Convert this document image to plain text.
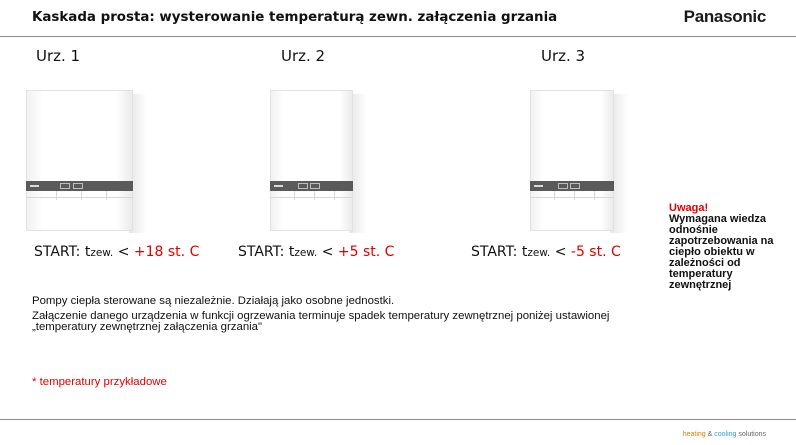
Kaskada prosta: wysterowanie temperaturą zewn. załączenia grzania	Panasonic
Urz. 1	Urz. 2	Urz. 3
START: tzew. < +18 st. C	START: tzew. < +5 st. C	START: tzew. < -5 st. C
Uwaga!
Wymagana wiedza odnośnie zapotrzebowania na ciepło obiektu w zależności od temperatury zewnętrznej
Pompy ciepła sterowane są niezależnie. Działają jako osobne jednostki.
Załączenie danego urządzenia w funkcji ogrzewania terminuje spadek temperatury zewnętrznej poniżej ustawionej „temperatury zewnętrznej załączenia grzania"
* temperatury przykładowe
heating & cooling solutions
